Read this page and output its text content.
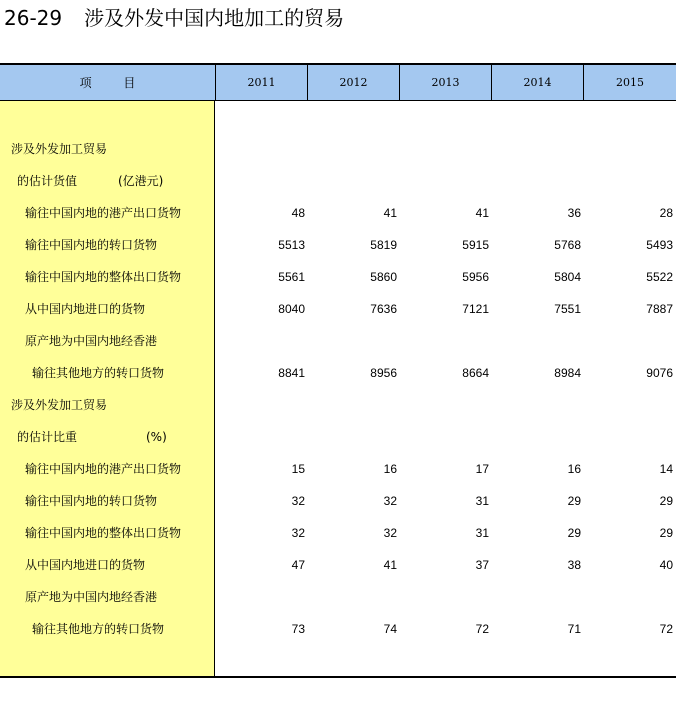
26-29 涉及外发中国内地加工的贸易
项 目	2011	2012	2013	2014	2015
涉及外发加工贸易
的估计货值	(亿港元)
输往中国内地的港产出口货物	48	41	41	36	28
输往中国内地的转口货物	5513	5819	5915	5768	5493
输往中国内地的整体出口货物	5561	5860	5956	5804	5522
从中国内地进口的货物	8040	7636	7121	7551	7887
原产地为中国内地经香港
输往其他地方的转口货物	8841	8956	8664	8984	9076
涉及外发加工贸易
的估计比重	(%)
输往中国内地的港产出口货物	15	16	17	16	14
输往中国内地的转口货物	32	32	31	29	29
输往中国内地的整体出口货物	32	32	31	29	29
从中国内地进口的货物	47	41	37	38	40
原产地为中国内地经香港
输往其他地方的转口货物	73	74	72	71	72
